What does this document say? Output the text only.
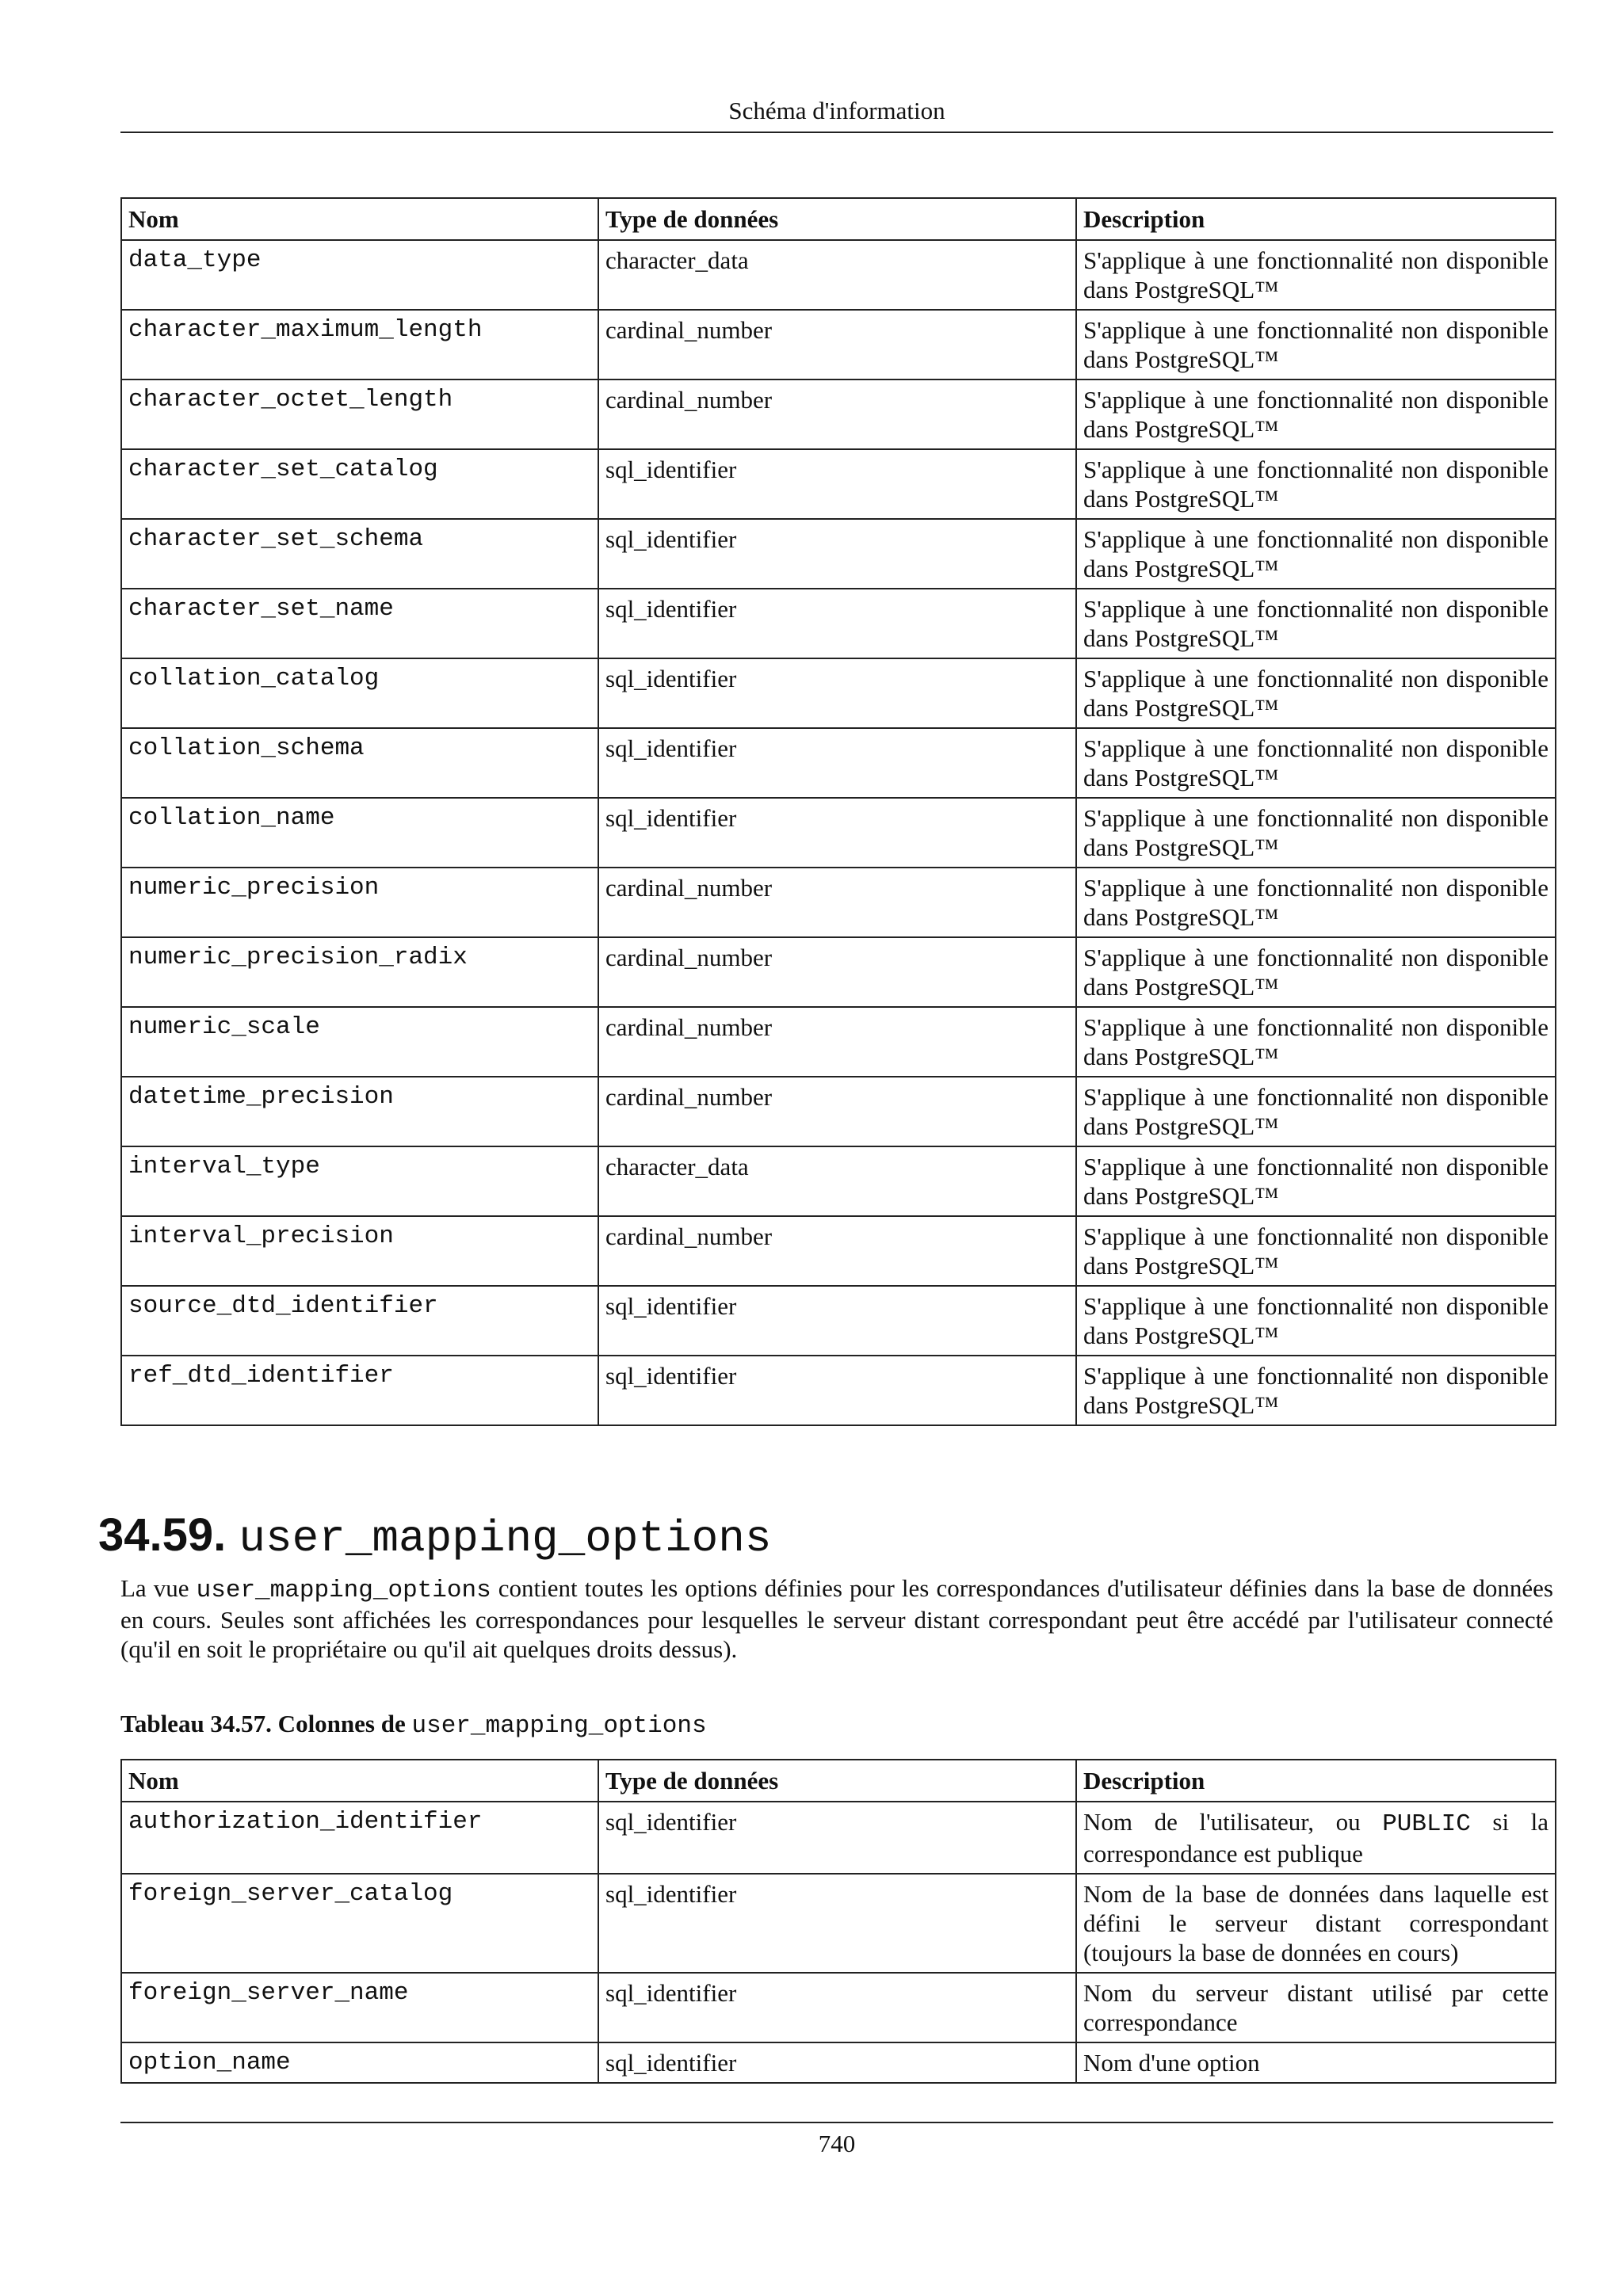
Schéma d'information
Nom	Type de données	Description
data_type	character_data	S'applique à une fonctionnalité non disponible dans PostgreSQL™
character_maximum_length	cardinal_number	S'applique à une fonctionnalité non disponible dans PostgreSQL™
character_octet_length	cardinal_number	S'applique à une fonctionnalité non disponible dans PostgreSQL™
character_set_catalog	sql_identifier	S'applique à une fonctionnalité non disponible dans PostgreSQL™
character_set_schema	sql_identifier	S'applique à une fonctionnalité non disponible dans PostgreSQL™
character_set_name	sql_identifier	S'applique à une fonctionnalité non disponible dans PostgreSQL™
collation_catalog	sql_identifier	S'applique à une fonctionnalité non disponible dans PostgreSQL™
collation_schema	sql_identifier	S'applique à une fonctionnalité non disponible dans PostgreSQL™
collation_name	sql_identifier	S'applique à une fonctionnalité non disponible dans PostgreSQL™
numeric_precision	cardinal_number	S'applique à une fonctionnalité non disponible dans PostgreSQL™
numeric_precision_radix	cardinal_number	S'applique à une fonctionnalité non disponible dans PostgreSQL™
numeric_scale	cardinal_number	S'applique à une fonctionnalité non disponible dans PostgreSQL™
datetime_precision	cardinal_number	S'applique à une fonctionnalité non disponible dans PostgreSQL™
interval_type	character_data	S'applique à une fonctionnalité non disponible dans PostgreSQL™
interval_precision	cardinal_number	S'applique à une fonctionnalité non disponible dans PostgreSQL™
source_dtd_identifier	sql_identifier	S'applique à une fonctionnalité non disponible dans PostgreSQL™
ref_dtd_identifier	sql_identifier	S'applique à une fonctionnalité non disponible dans PostgreSQL™
34.59. user_mapping_options
La vue user_mapping_options contient toutes les options définies pour les correspondances d'utilisateur définies dans la base de données en cours. Seules sont affichées les correspondances pour lesquelles le serveur distant correspondant peut être accédé par l'utilisateur connecté (qu'il en soit le propriétaire ou qu'il ait quelques droits dessus).
Tableau 34.57. Colonnes de user_mapping_options
Nom	Type de données	Description
authorization_identifier	sql_identifier	Nom de l'utilisateur, ou PUBLIC si la correspondance est publique
foreign_server_catalog	sql_identifier	Nom de la base de données dans laquelle est défini le serveur distant correspondant (toujours la base de données en cours)
foreign_server_name	sql_identifier	Nom du serveur distant utilisé par cette correspondance
option_name	sql_identifier	Nom d'une option
740
